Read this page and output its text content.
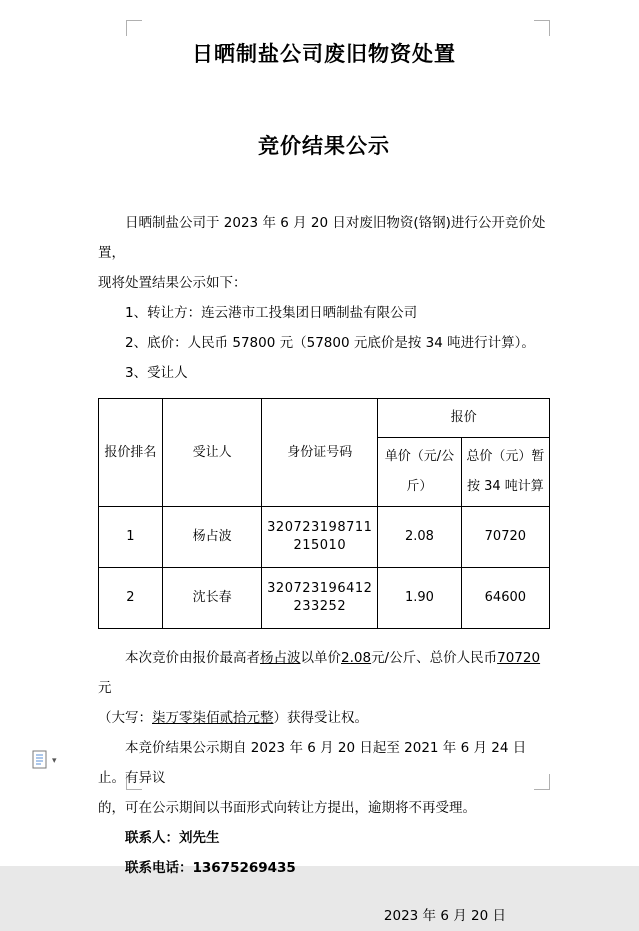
日晒制盐公司废旧物资处置
竞价结果公示
日晒制盐公司于 2023 年 6 月 20 日对废旧物资(铬钢)进行公开竞价处置，
现将处置结果公示如下：
1、转让方：连云港市工投集团日晒制盐有限公司
2、底价：人民币 57800 元（57800 元底价是按 34 吨进行计算）。
3、受让人
报价排名	受让人	身份证号码	报价	
			单价（元/公斤）	总价（元）暂按 34 吨计算
1	杨占波	320723198711215010	2.08	70720
2	沈长春	320723196412233252	1.90	64600
本次竞价由报价最高者杨占波以单价2.08元/公斤、总价人民币70720元
（大写：柒万零柒佰贰拾元整）获得受让权。
本竞价结果公示期自 2023 年 6 月 20 日起至 2021 年 6 月 24 日止。有异议
的，可在公示期间以书面形式向转让方提出，逾期将不再受理。
联系人：刘先生
联系电话：13675269435
2023 年 6 月 20 日
▾
